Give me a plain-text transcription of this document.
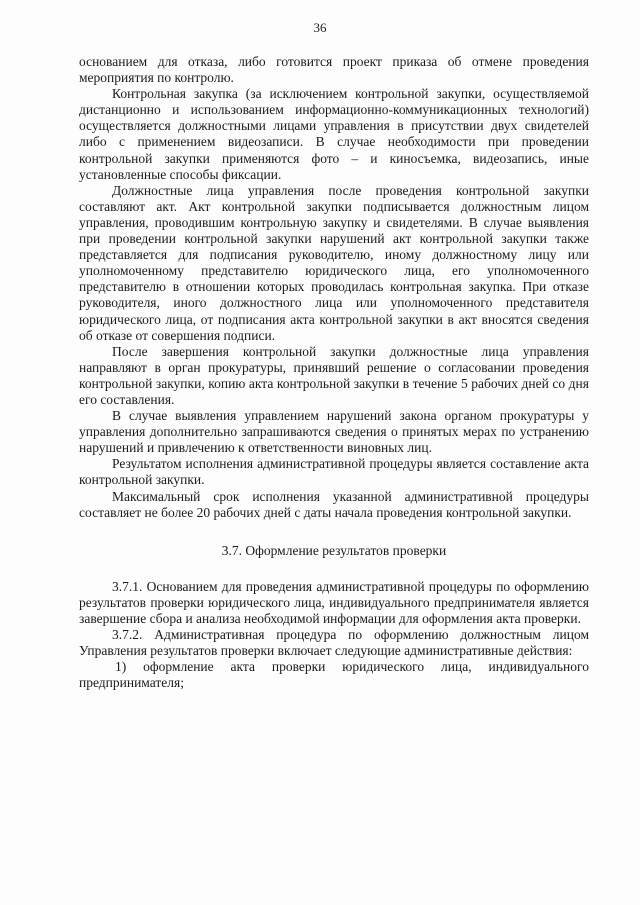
36

основанием для отказа, либо готовится проект приказа об отмене проведения мероприятия по контролю.

Контрольная закупка (за исключением контрольной закупки, осуществляемой дистанционно и использованием информационно-коммуникационных технологий) осуществляется должностными лицами управления в присутствии двух свидетелей либо с применением видеозаписи. В случае необходимости при проведении контрольной закупки применяются фото – и киносъемка, видеозапись, иные установленные способы фиксации.

Должностные лица управления после проведения контрольной закупки составляют акт. Акт контрольной закупки подписывается должностным лицом управления, проводившим контрольную закупку и свидетелями. В случае выявления при проведении контрольной закупки нарушений акт контрольной закупки также представляется для подписания руководителю, иному должностному лицу или уполномоченному представителю юридического лица, его уполномоченного представителю в отношении которых проводилась контрольная закупка. При отказе руководителя, иного должностного лица или уполномоченного представителя юридического лица, от подписания акта контрольной закупки в акт вносятся сведения об отказе от совершения подписи.

После завершения контрольной закупки должностные лица управления направляют в орган прокуратуры, принявший решение о согласовании проведения контрольной закупки, копию акта контрольной закупки в течение 5 рабочих дней со дня его составления.

В случае выявления управлением нарушений закона органом прокуратуры у управления дополнительно запрашиваются сведения о принятых мерах по устранению нарушений и привлечению к ответственности виновных лиц.

Результатом исполнения административной процедуры является составление акта контрольной закупки.

Максимальный срок исполнения указанной административной процедуры составляет не более 20 рабочих дней с даты начала проведения контрольной закупки.

3.7. Оформление результатов проверки

3.7.1. Основанием для проведения административной процедуры по оформлению результатов проверки юридического лица, индивидуального предпринимателя является завершение сбора и анализа необходимой информации для оформления акта проверки.

3.7.2. Административная процедура по оформлению должностным лицом Управления результатов проверки включает следующие административные действия:

1) оформление акта проверки юридического лица, индивидуального предпринимателя;
